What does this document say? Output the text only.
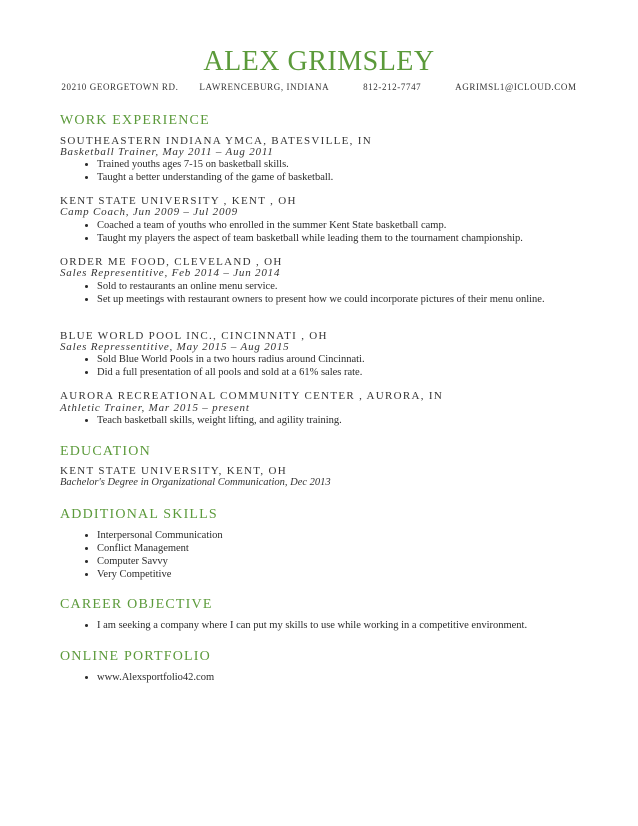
ALEX GRIMSLEY
20210 GEORGETOWN RD. LAWRENCEBURG, INDIANA	812-212-7747	AGRIMSL1@ICLOUD.COM
WORK EXPERIENCE
SOUTHEASTERN INDIANA YMCA, BATESVILLE, IN
Basketball Trainer, May 2011 – Aug 2011
• Trained youths ages 7-15 on basketball skills.
• Taught a better understanding of the game of basketball.
KENT STATE UNIVERSITY , KENT , OH
Camp Coach, Jun 2009 – Jul 2009
• Coached a team of youths who enrolled in the summer Kent State basketball camp.
• Taught my players the aspect of team basketball while leading them to the tournament championship.
ORDER ME FOOD, CLEVELAND , OH
Sales Representitive, Feb 2014 – Jun 2014
• Sold to restaurants an online menu service.
• Set up meetings with restaurant owners to present how we could incorporate pictures of their menu online.
BLUE WORLD POOL INC., CINCINNATI , OH
Sales Repressentitive, May 2015 – Aug 2015
• Sold Blue World Pools in a two hours radius around Cincinnati.
• Did a full presentation of all pools and sold at a 61% sales rate.
AURORA RECREATIONAL COMMUNITY CENTER , AURORA, IN
Athletic Trainer, Mar 2015 – present
• Teach basketball skills, weight lifting, and agility training.
EDUCATION
KENT STATE UNIVERSITY, KENT, OH
Bachelor's Degree in Organizational Communication, Dec 2013
ADDITIONAL SKILLS
• Interpersonal Communication
• Conflict Management
• Computer Savvy
• Very Competitive
CAREER OBJECTIVE
• I am seeking a company where I can put my skills to use while working in a competitive environment.
ONLINE PORTFOLIO
• www.Alexsportfolio42.com
